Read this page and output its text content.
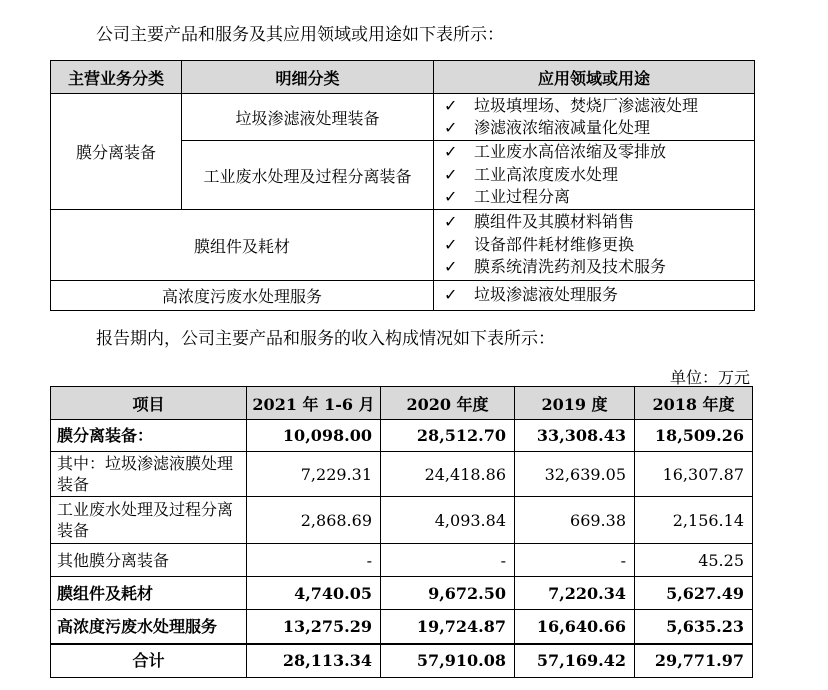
公司主要产品和服务及其应用领域或用途如下表所示：
主营业务分类	明细分类	应用领域或用途
膜分离装备	垃圾渗滤液处理装备	✓ 垃圾填埋场、焚烧厂渗滤液处理
✓ 渗滤液浓缩液减量化处理

	工业废水处理及过程分离装备	✓ 工业废水高倍浓缩及零排放
✓ 工业高浓度废水处理
✓ 工业过程分离

膜组件及耗材		✓ 膜组件及其膜材料销售
✓ 设备部件耗材维修更换
✓ 膜系统清洗药剂及技术服务

高浓度污废水处理服务		✓ 垃圾渗滤液处理服务
报告期内，公司主要产品和服务的收入构成情况如下表所示：
单位：万元
项目	2021 年 1-6 月	2020 年度	2019 度	2018 年度
膜分离装备：	10,098.00	28,512.70	33,308.43	18,509.26
其中：垃圾渗滤液膜处理装备	7,229.31	24,418.86	32,639.05	16,307.87
工业废水处理及过程分离装备	2,868.69	4,093.84	669.38	2,156.14
其他膜分离装备	-	-	-	45.25
膜组件及耗材	4,740.05	9,672.50	7,220.34	5,627.49
高浓度污废水处理服务	13,275.29	19,724.87	16,640.66	5,635.23
合计	28,113.34	57,910.08	57,169.42	29,771.97
